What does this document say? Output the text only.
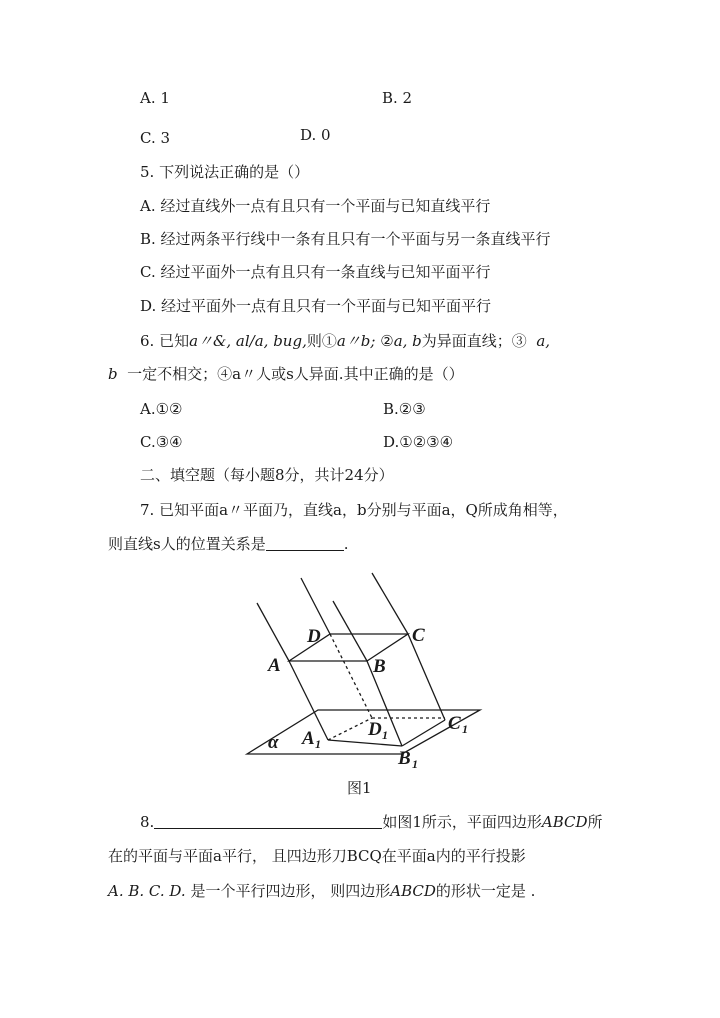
A. 1	B. 2
C. 3	D. 0
5. 下列说法正确的是（）
A. 经过直线外一点有且只有一个平面与已知直线平行
B. 经过两条平行线中一条有且只有一个平面与另一条直线平行
C. 经过平面外一点有且只有一条直线与已知平面平行
D. 经过平面外一点有且只有一个平面与已知平面平行
6. 已知a〃&, al/a, bug,则①a〃b; ②a, b为异面直线；③ a,
b 一定不相交；④a〃人或s人异面.其中正确的是（）
A.①②	B.②③
C.③④	D.①②③④
二、填空题（每小题8分，共计24分）
7. 已知平面a〃平面乃，直线a，b分别与平面a，Q所成角相等，
则直线s人的位置关系是	.
A	B
C
D
A 1
D 1
C 1
B 1
α
图1
8.	如图1所示，平面四边形ABCD所
在的平面与平面a平行， 且四边形刀BCQ在平面a内的平行投影
A. B. C. D. 是一个平行四边形， 则四边形ABCD的形状一定是 .
